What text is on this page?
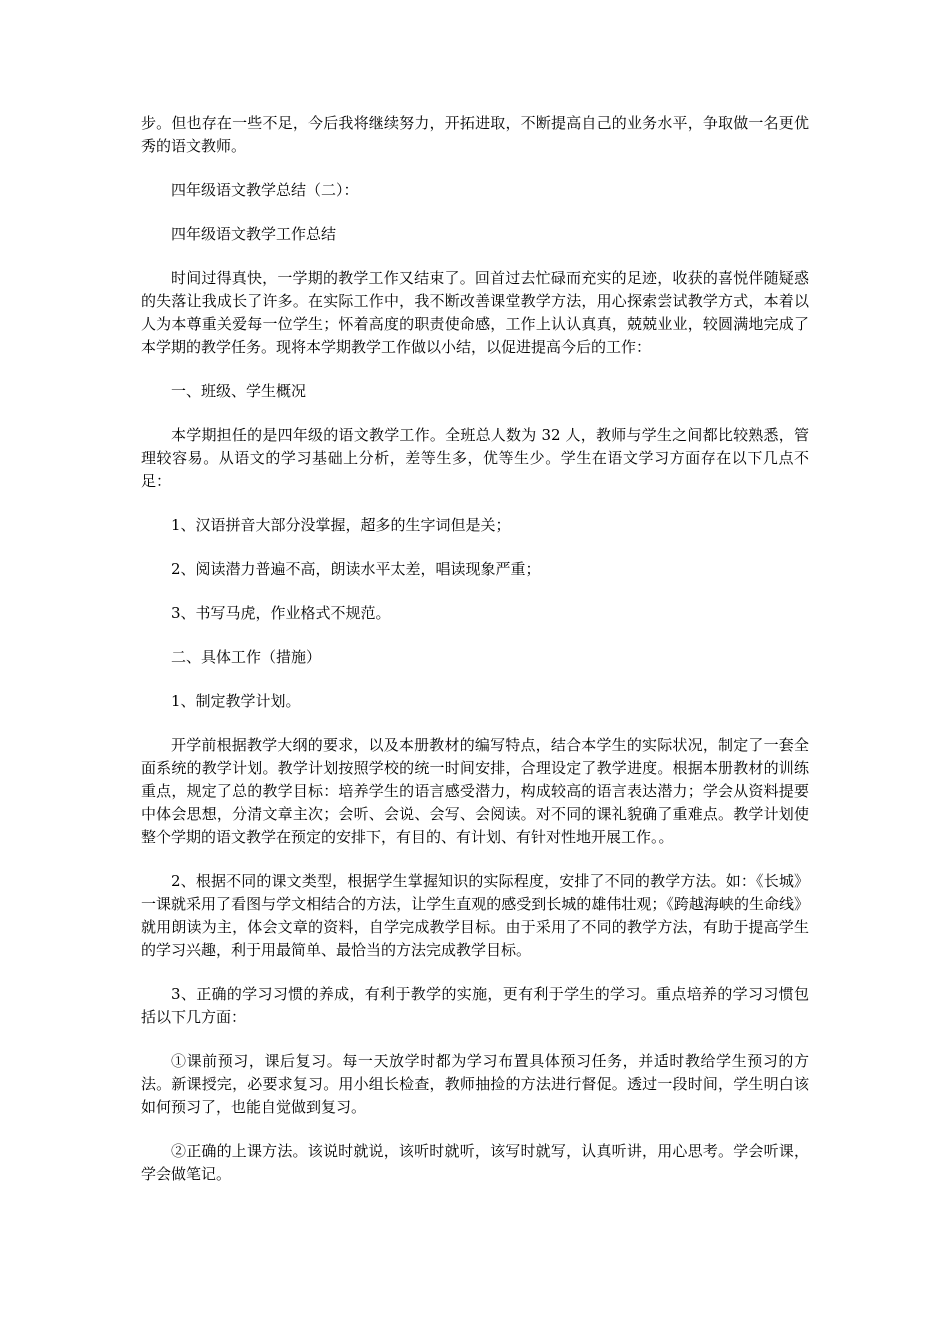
步。但也存在一些不足，今后我将继续努力，开拓进取，不断提高自己的业务水平，争取做一名更优秀的语文教师。

四年级语文教学总结（二）：

四年级语文教学工作总结

时间过得真快，一学期的教学工作又结束了。回首过去忙碌而充实的足迹，收获的喜悦伴随疑惑的失落让我成长了许多。在实际工作中，我不断改善课堂教学方法，用心探索尝试教学方式，本着以人为本尊重关爱每一位学生；怀着高度的职责使命感，工作上认认真真，兢兢业业，较圆满地完成了本学期的教学任务。现将本学期教学工作做以小结，以促进提高今后的工作：

一、班级、学生概况

本学期担任的是四年级的语文教学工作。全班总人数为 32 人，教师与学生之间都比较熟悉，管理较容易。从语文的学习基础上分析，差等生多，优等生少。学生在语文学习方面存在以下几点不足：

1、汉语拼音大部分没掌握，超多的生字词但是关；

2、阅读潜力普遍不高，朗读水平太差，唱读现象严重；

3、书写马虎，作业格式不规范。

二、具体工作（措施）

1、制定教学计划。

开学前根据教学大纲的要求，以及本册教材的编写特点，结合本学生的实际状况，制定了一套全面系统的教学计划。教学计划按照学校的统一时间安排，合理设定了教学进度。根据本册教材的训练重点，规定了总的教学目标：培养学生的语言感受潜力，构成较高的语言表达潜力；学会从资料提要中体会思想，分清文章主次；会听、会说、会写、会阅读。对不同的课礼貌确了重难点。教学计划使整个学期的语文教学在预定的安排下，有目的、有计划、有针对性地开展工作。。

2、根据不同的课文类型，根据学生掌握知识的实际程度，安排了不同的教学方法。如：《长城》一课就采用了看图与学文相结合的方法，让学生直观的感受到长城的雄伟壮观；《跨越海峡的生命线》就用朗读为主，体会文章的资料，自学完成教学目标。由于采用了不同的教学方法，有助于提高学生的学习兴趣，利于用最简单、最恰当的方法完成教学目标。

3、正确的学习习惯的养成，有利于教学的实施，更有利于学生的学习。重点培养的学习习惯包括以下几方面：

①课前预习，课后复习。每一天放学时都为学习布置具体预习任务，并适时教给学生预习的方法。新课授完，必要求复习。用小组长检查，教师抽捡的方法进行督促。透过一段时间，学生明白该如何预习了，也能自觉做到复习。

②正确的上课方法。该说时就说，该听时就听，该写时就写，认真听讲，用心思考。学会听课，学会做笔记。
